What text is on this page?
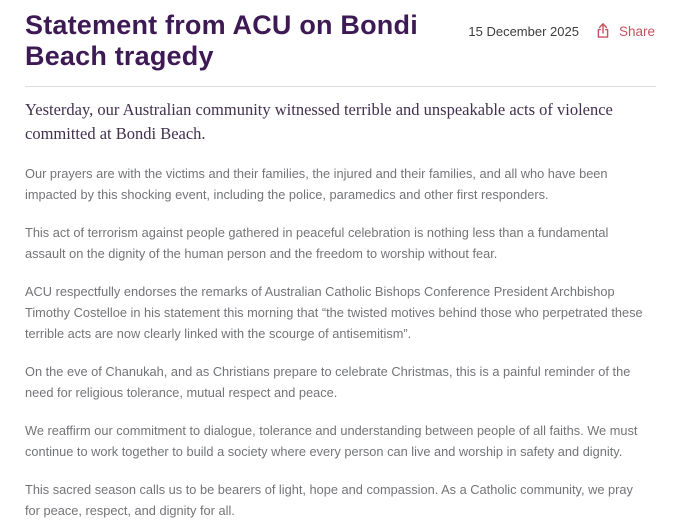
Statement from ACU on Bondi Beach tragedy
15 December 2025	Share

Yesterday, our Australian community witnessed terrible and unspeakable acts of violence committed at Bondi Beach.

Our prayers are with the victims and their families, the injured and their families, and all who have been impacted by this shocking event, including the police, paramedics and other first responders.

This act of terrorism against people gathered in peaceful celebration is nothing less than a fundamental assault on the dignity of the human person and the freedom to worship without fear.

ACU respectfully endorses the remarks of Australian Catholic Bishops Conference President Archbishop Timothy Costelloe in his statement this morning that “the twisted motives behind those who perpetrated these terrible acts are now clearly linked with the scourge of antisemitism”.

On the eve of Chanukah, and as Christians prepare to celebrate Christmas, this is a painful reminder of the need for religious tolerance, mutual respect and peace.

We reaffirm our commitment to dialogue, tolerance and understanding between people of all faiths. We must continue to work together to build a society where every person can live and worship in safety and dignity.

This sacred season calls us to be bearers of light, hope and compassion. As a Catholic community, we pray for peace, respect, and dignity for all.
